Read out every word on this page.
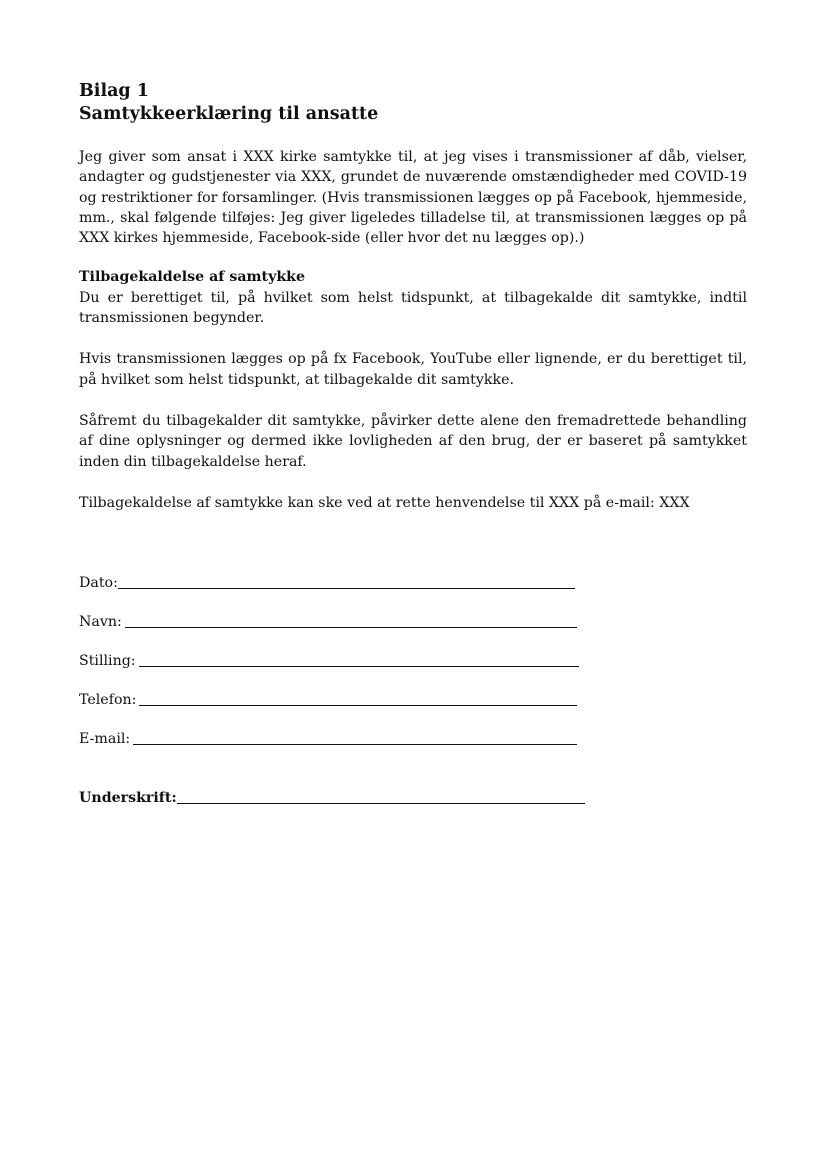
Bilag 1
Samtykkeerklæring til ansatte

Jeg giver som ansat i XXX kirke samtykke til, at jeg vises i transmissioner af dåb, vielser, andagter og gudstjenester via XXX, grundet de nuværende omstændigheder med COVID-19 og restriktioner for forsamlinger. (Hvis transmissionen lægges op på Facebook, hjemmeside, mm., skal følgende tilføjes: Jeg giver ligeledes tilladelse til, at transmissionen lægges op på XXX kirkes hjemmeside, Facebook-side (eller hvor det nu lægges op).)

Tilbagekaldelse af samtykke

Du er berettiget til, på hvilket som helst tidspunkt, at tilbagekalde dit samtykke, indtil transmissionen begynder.

Hvis transmissionen lægges op på fx Facebook, YouTube eller lignende, er du berettiget til, på hvilket som helst tidspunkt, at tilbagekalde dit samtykke.

Såfremt du tilbagekalder dit samtykke, påvirker dette alene den fremadrettede behandling af dine oplysninger og dermed ikke lovligheden af den brug, der er baseret på samtykket inden din tilbagekaldelse heraf.

Tilbagekaldelse af samtykke kan ske ved at rette henvendelse til XXX på e-mail: XXX

Dato:
Navn:
Stilling:
Telefon:
E-mail:
Underskrift:
